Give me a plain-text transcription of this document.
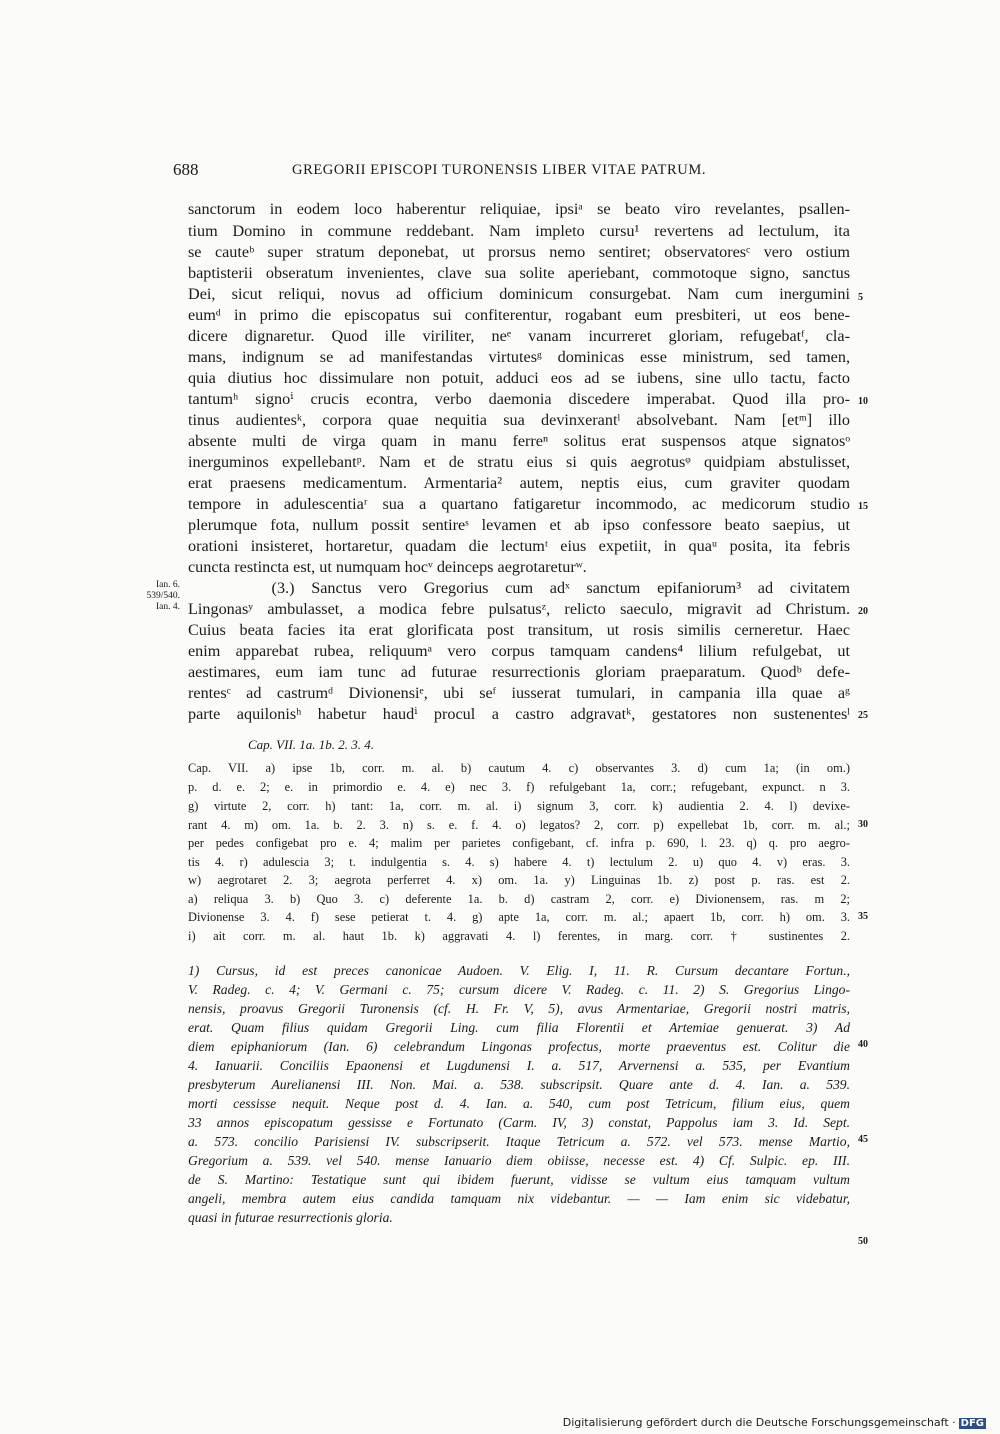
688	GREGORII EPISCOPI TURONENSIS LIBER VITAE PATRUM.
sanctorum in eodem loco haberentur reliquiae, ipsiᵃ se beato viro revelantes, psallen-
tium Domino in commune reddebant. Nam impleto cursu¹ revertens ad lectulum, ita
se cauteᵇ super stratum deponebat, ut prorsus nemo sentiret; observatoresᶜ vero ostium
baptisterii obseratum invenientes, clave sua solite aperiebant, commotoque signo, sanctus
Dei, sicut reliqui, novus ad officium dominicum consurgebat. Nam cum inergumini
eumᵈ in primo die episcopatus sui confiterentur, rogabant eum presbiteri, ut eos bene-
dicere dignaretur. Quod ille viriliter, neᵉ vanam incurreret gloriam, refugebatᶠ, cla-
mans, indignum se ad manifestandas virtutesᵍ dominicas esse ministrum, sed tamen,
quia diutius hoc dissimulare non potuit, adduci eos ad se iubens, sine ullo tactu, facto
tantumʰ signoⁱ crucis econtra, verbo daemonia discedere imperabat. Quod illa pro-
tinus audientesᵏ, corpora quae nequitia sua devinxerantˡ absolvebant. Nam [etᵐ] illo
absente multi de virga quam in manu ferreⁿ solitus erat suspensos atque signatosᵒ
inerguminos expellebantᵖ. Nam et de stratu eius si quis aegrotusᵠ quidpiam abstulisset,
erat praesens medicamentum. Armentaria² autem, neptis eius, cum graviter quodam
tempore in adulescentiaʳ sua a quartano fatigaretur incommodo, ac medicorum studio
plerumque fota, nullum possit sentireˢ levamen et ab ipso confessore beato saepius, ut
orationi insisteret, hortaretur, quadam die lectumᵗ eius expetiit, in quaᵘ posita, ita febris
cuncta restincta est, ut numquam hocᵛ deinceps aegrotareturʷ.
(3.) Sanctus vero Gregorius cum adˣ sanctum epifaniorum³ ad civitatem
Lingonasʸ ambulasset, a modica febre pulsatusᶻ, relicto saeculo, migravit ad Christum.
Cuius beata facies ita erat glorificata post transitum, ut rosis similis cerneretur. Haec
enim apparebat rubea, reliquumᵃ vero corpus tamquam candens⁴ lilium refulgebat, ut
aestimares, eum iam tunc ad futurae resurrectionis gloriam praeparatum. Quodᵇ defe-
rentesᶜ ad castrumᵈ Divionensiᵉ, ubi seᶠ iusserat tumulari, in campania illa quae aᵍ
parte aquilonisʰ habetur haudⁱ procul a castro adgravatᵏ, gestatores non sustenentesˡ
5
10
15
20
25
Ian. 6.
539/540.
Ian. 4.
Cap. VII. 1a. 1b. 2. 3. 4.
Cap. VII. a) ipse 1b, corr. m. al. b) cautum 4. c) observantes 3. d) cum 1a; (in om.)
p. d. e. 2; e. in primordio e. 4. e) nec 3. f) refulgebant 1a, corr.; refugebant, expunct. n 3.
g) virtute 2, corr. h) tant: 1a, corr. m. al. i) signum 3, corr. k) audientia 2. 4. l) devixe-
rant 4. m) om. 1a. b. 2. 3. n) s. e. f. 4. o) legatos? 2, corr. p) expellebat 1b, corr. m. al.;
per pedes configebat pro e. 4; malim per parietes configebant, cf. infra p. 690, l. 23. q) q. pro aegro-
tis 4. r) adulescia 3; t. indulgentia s. 4. s) habere 4. t) lectulum 2. u) quo 4. v) eras. 3.
w) aegrotaret 2. 3; aegrota perferret 4. x) om. 1a. y) Linguinas 1b. z) post p. ras. est 2.
a) reliqua 3. b) Quo 3. c) deferente 1a. b. d) castram 2, corr. e) Divionensem, ras. m 2;
Divionense 3. 4. f) sese petierat t. 4. g) apte 1a, corr. m. al.; apaert 1b, corr. h) om. 3.
i) ait corr. m. al. haut 1b. k) aggravati 4. l) ferentes, in marg. corr. † sustinentes 2.
30
35
1) Cursus, id est preces canonicae Audoen. V. Elig. I, 11. R. Cursum decantare Fortun.,
V. Radeg. c. 4; V. Germani c. 75; cursum dicere V. Radeg. c. 11. 2) S. Gregorius Lingo-
nensis, proavus Gregorii Turonensis (cf. H. Fr. V, 5), avus Armentariae, Gregorii nostri matris,
erat. Quam filius quidam Gregorii Ling. cum filia Florentii et Artemiae genuerat. 3) Ad
diem epiphaniorum (Ian. 6) celebrandum Lingonas profectus, morte praeventus est. Colitur die
4. Ianuarii. Conciliis Epaonensi et Lugdunensi I. a. 517, Arvernensi a. 535, per Evantium
presbyterum Aurelianensi III. Non. Mai. a. 538. subscripsit. Quare ante d. 4. Ian. a. 539.
morti cessisse nequit. Neque post d. 4. Ian. a. 540, cum post Tetricum, filium eius, quem
33 annos episcopatum gessisse e Fortunato (Carm. IV, 3) constat, Pappolus iam 3. Id. Sept.
a. 573. concilio Parisiensi IV. subscripserit. Itaque Tetricum a. 572. vel 573. mense Martio,
Gregorium a. 539. vel 540. mense Ianuario diem obiisse, necesse est. 4) Cf. Sulpic. ep. III.
de S. Martino: Testatique sunt qui ibidem fuerunt, vidisse se vultum eius tamquam vultum
angeli, membra autem eius candida tamquam nix videbantur. — — Iam enim sic videbatur,
quasi in futurae resurrectionis gloria.
40
45
50
Digitalisierung gefördert durch die Deutsche Forschungsgemeinschaft · DFG
